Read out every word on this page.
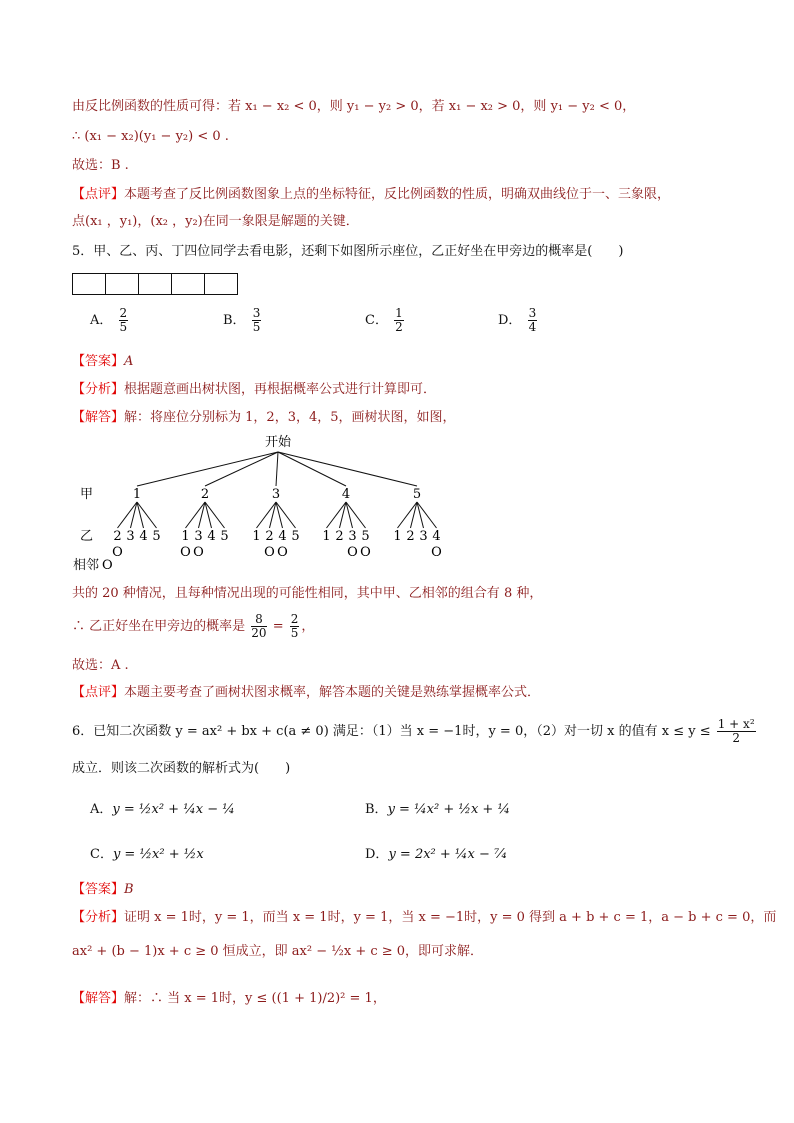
由反比例函数的性质可得：若 x₁ − x₂ < 0，则 y₁ − y₂ > 0，若 x₁ − x₂ > 0，则 y₁ − y₂ < 0，
∴ (x₁ − x₂)(y₁ − y₂) < 0 .
故选：B .
【点评】本题考查了反比例函数图象上点的坐标特征，反比例函数的性质，明确双曲线位于一、三象限，
点(x₁ ，y₁)，(x₂ ，y₂)在同一象限是解题的关键．
5．甲、乙、丙、丁四位同学去看电影，还剩下如图所示座位，乙正好坐在甲旁边的概率是(　　)
A． $\frac{2}{5}$	B． $\frac{3}{5}$	C． $\frac{1}{2}$	D． $\frac{3}{4}$
【答案】A
【分析】根据题意画出树状图，再根据概率公式进行计算即可．
【解答】解：将座位分别标为 1，2，3，4，5，画树状图，如图，
开始
甲
乙
相邻 O
1
2 3 4 5
O
2
1 3 4 5
O O
3
1 2 4 5
O O
4
1 2 3 5
O O
5
1 2 3 4
O
共的 20 种情况，且每种情况出现的可能性相同，其中甲、乙相邻的组合有 8 种，
∴ 乙正好坐在甲旁边的概率是 $\frac{8}{20} = \frac{2}{5}$ ，
故选：A .
【点评】本题主要考查了画树状图求概率，解答本题的关键是熟练掌握概率公式．
6．已知二次函数 y = ax² + bx + c(a ≠ 0) 满足：（1）当 x = −1时，y = 0，（2）对一切 x 的值有 $x \le y \le \frac{\text{1 + x²}}{2}$
成立．则该二次函数的解析式为(　　)
A．y = ½x² + ¼x − ¼	B．y = ¼x² + ½x + ¼
C．y = ½x² + ½x	D．y = 2x² + ¼x − ⁷⁄₄
【答案】B
【分析】证明 x = 1时，y = 1，而当 x = 1时，y = 1，当 x = −1时，y = 0 得到 a + b + c = 1，a − b + c = 0，而
ax² + (b − 1)x + c ≥ 0 恒成立，即 ax² − ½x + c ≥ 0，即可求解．
【解答】解：∴ 当 x = 1时，y ≤ ((1 + 1)/2)² = 1，
